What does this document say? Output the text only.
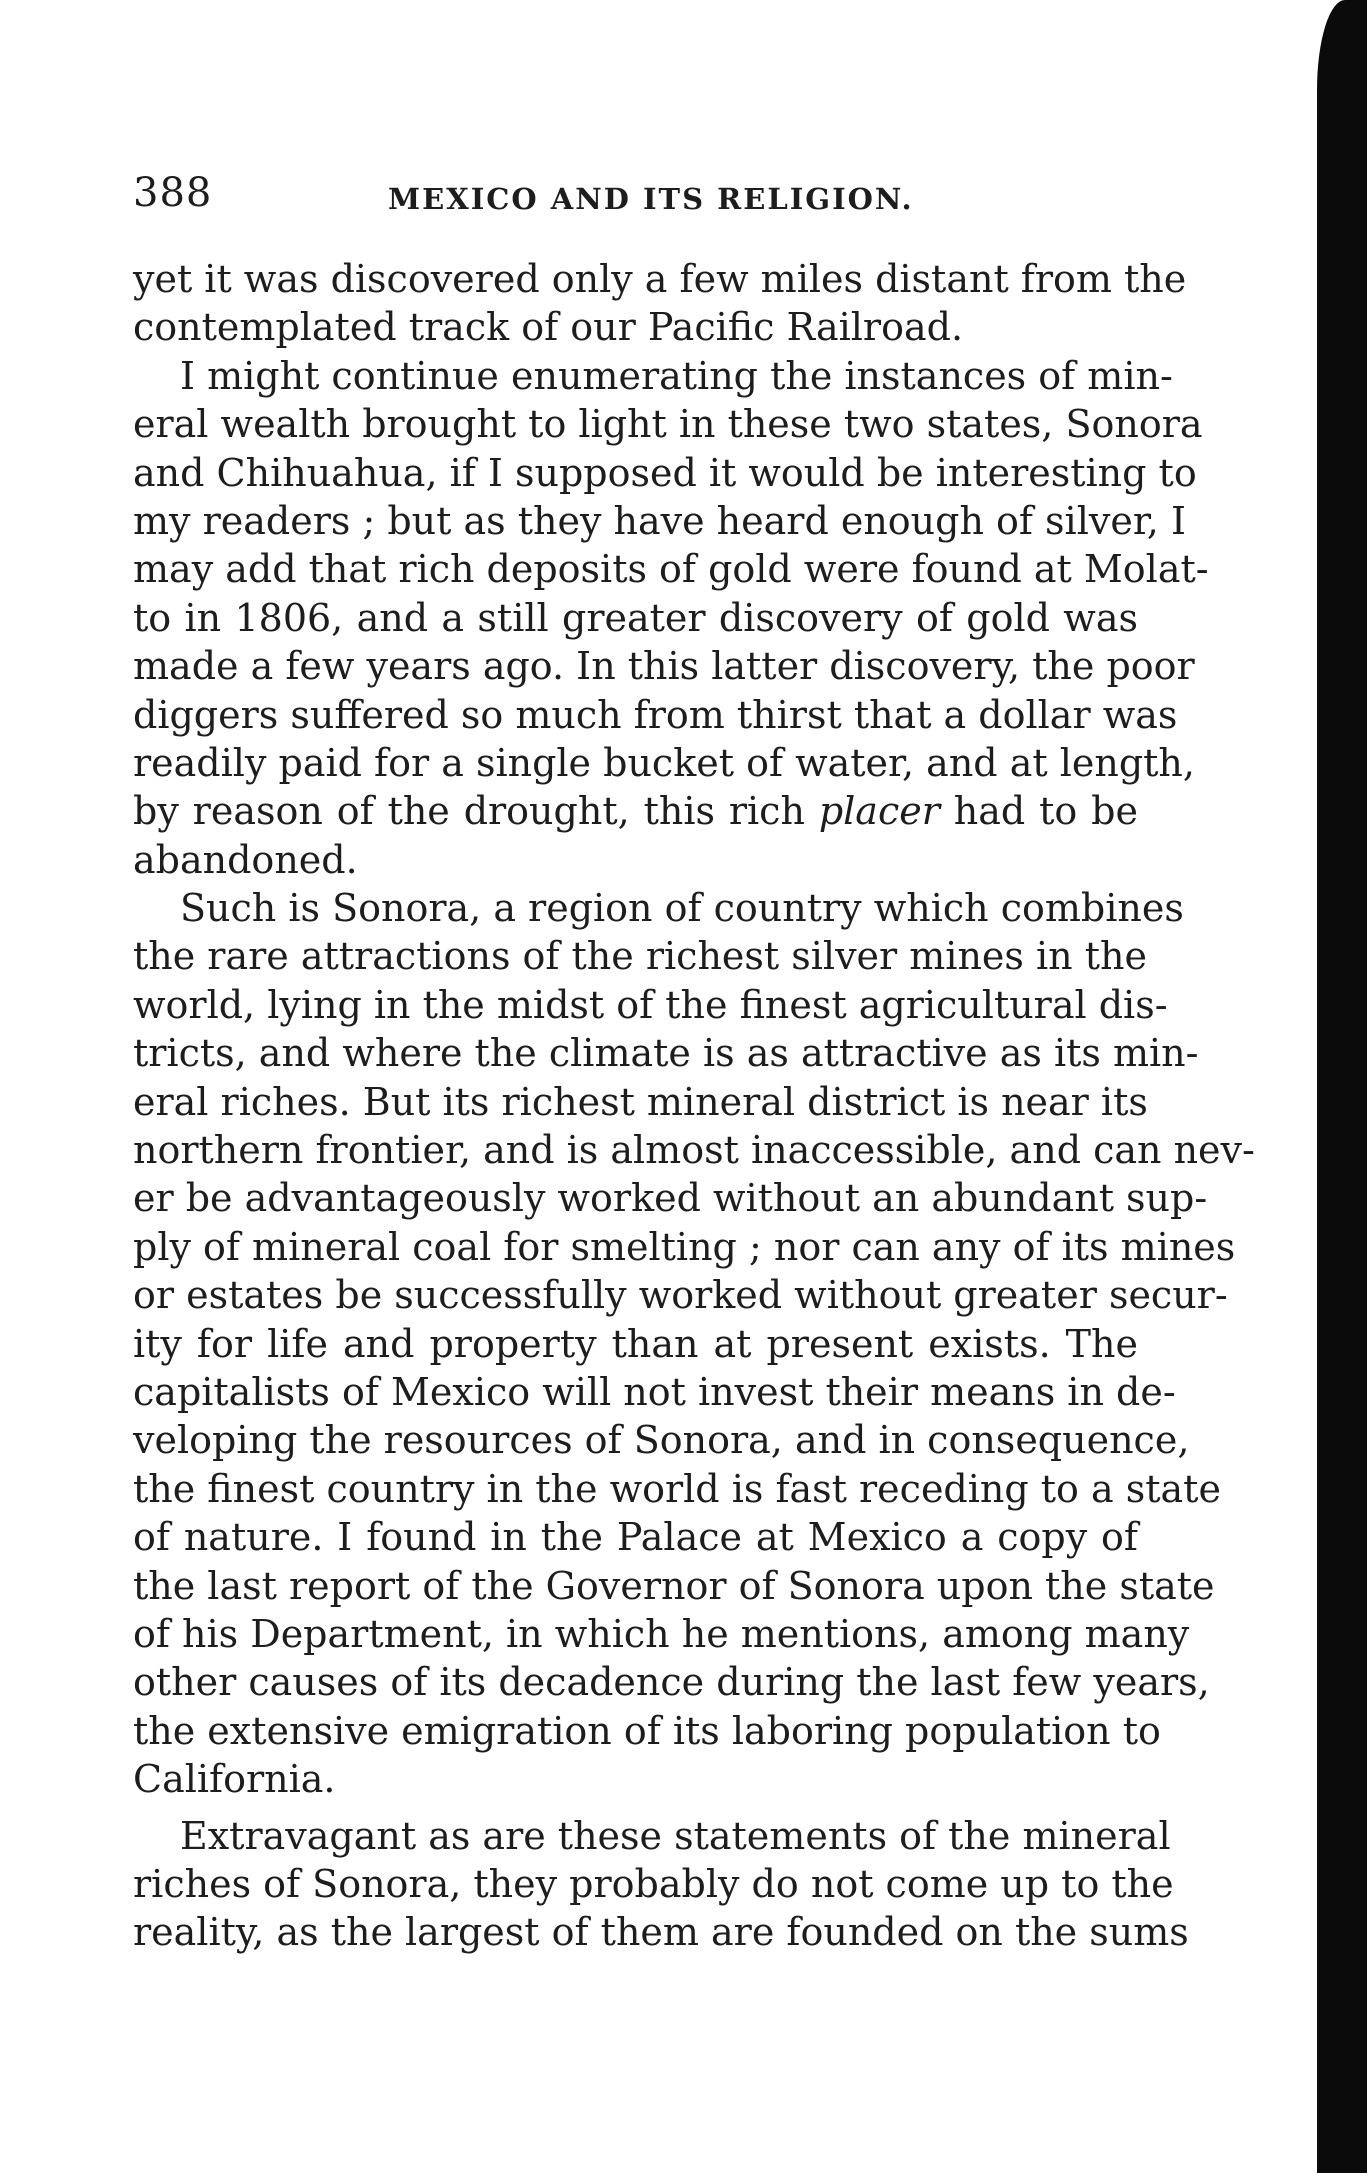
388	MEXICO AND ITS RELIGION.
yet it was discovered only a few miles distant from the
contemplated track of our Pacific Railroad.
I might continue enumerating the instances of min-
eral wealth brought to light in these two states, Sonora
and Chihuahua, if I supposed it would be interesting to
my readers ; but as they have heard enough of silver, I
may add that rich deposits of gold were found at Molat-
to in 1806, and a still greater discovery of gold was
made a few years ago. In this latter discovery, the poor
diggers suffered so much from thirst that a dollar was
readily paid for a single bucket of water, and at length,
by reason of the drought, this rich placer had to be
abandoned.
Such is Sonora, a region of country which combines
the rare attractions of the richest silver mines in the
world, lying in the midst of the finest agricultural dis-
tricts, and where the climate is as attractive as its min-
eral riches. But its richest mineral district is near its
northern frontier, and is almost inaccessible, and can nev-
er be advantageously worked without an abundant sup-
ply of mineral coal for smelting ; nor can any of its mines
or estates be successfully worked without greater secur-
ity for life and property than at present exists. The
capitalists of Mexico will not invest their means in de-
veloping the resources of Sonora, and in consequence,
the finest country in the world is fast receding to a state
of nature. I found in the Palace at Mexico a copy of
the last report of the Governor of Sonora upon the state
of his Department, in which he mentions, among many
other causes of its decadence during the last few years,
the extensive emigration of its laboring population to
California.
Extravagant as are these statements of the mineral
riches of Sonora, they probably do not come up to the
reality, as the largest of them are founded on the sums
